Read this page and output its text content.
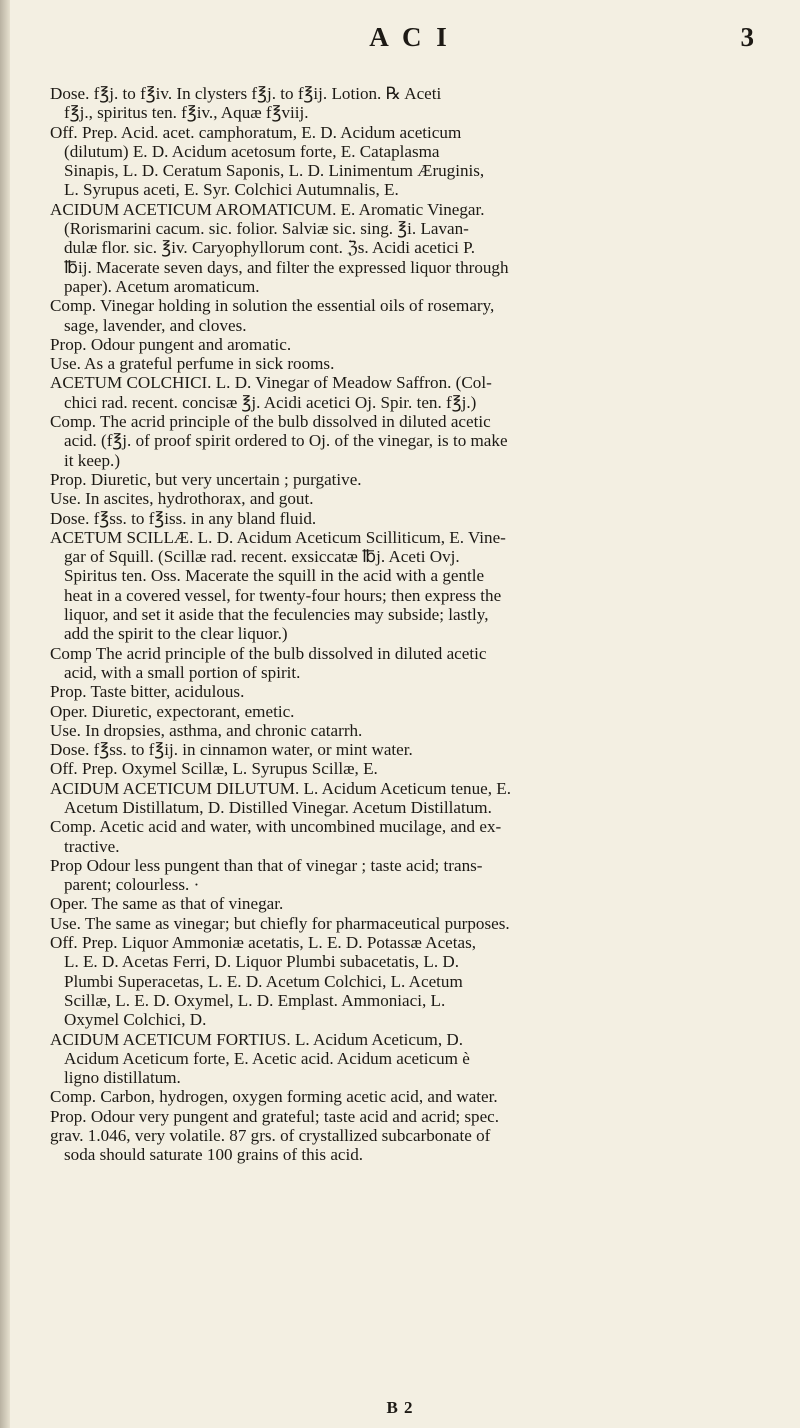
A C I	3
Dose. f℥j. to f℥iv. In clysters f℥j. to f℥ij. Lotion. ℞ Aceti
f℥j., spiritus ten. f℥iv., Aquæ f℥viij.
Off. Prep. Acid. acet. camphoratum, E. D. Acidum aceticum
(dilutum) E. D. Acidum acetosum forte, E. Cataplasma
Sinapis, L. D. Ceratum Saponis, L. D. Linimentum Æruginis,
L. Syrupus aceti, E. Syr. Colchici Autumnalis, E.
ACIDUM ACETICUM AROMATICUM. E. Aromatic Vinegar.
(Rorismarini cacum. sic. folior. Salviæ sic. sing. ℥i. Lavan-
dulæ flor. sic. ℥iv. Caryophyllorum cont. ℨs. Acidi acetici P.
℔ij. Macerate seven days, and filter the expressed liquor through
paper). Acetum aromaticum.
Comp. Vinegar holding in solution the essential oils of rosemary,
sage, lavender, and cloves.
Prop. Odour pungent and aromatic.
Use. As a grateful perfume in sick rooms.
ACETUM COLCHICI. L. D. Vinegar of Meadow Saffron. (Col-
chici rad. recent. concisæ ℥j. Acidi acetici Oj. Spir. ten. f℥j.)
Comp. The acrid principle of the bulb dissolved in diluted acetic
acid. (f℥j. of proof spirit ordered to Oj. of the vinegar, is to make
it keep.)
Prop. Diuretic, but very uncertain ; purgative.
Use. In ascites, hydrothorax, and gout.
Dose. f℥ss. to f℥iss. in any bland fluid.
ACETUM SCILLÆ. L. D. Acidum Aceticum Scilliticum, E. Vine-
gar of Squill. (Scillæ rad. recent. exsiccatæ ℔j. Aceti Ovj.
Spiritus ten. Oss. Macerate the squill in the acid with a gentle
heat in a covered vessel, for twenty-four hours; then express the
liquor, and set it aside that the feculencies may subside; lastly,
add the spirit to the clear liquor.)
Comp The acrid principle of the bulb dissolved in diluted acetic
acid, with a small portion of spirit.
Prop. Taste bitter, acidulous.
Oper. Diuretic, expectorant, emetic.
Use. In dropsies, asthma, and chronic catarrh.
Dose. f℥ss. to f℥ij. in cinnamon water, or mint water.
Off. Prep. Oxymel Scillæ, L. Syrupus Scillæ, E.
ACIDUM ACETICUM DILUTUM. L. Acidum Aceticum tenue, E.
Acetum Distillatum, D. Distilled Vinegar. Acetum Distillatum.
Comp. Acetic acid and water, with uncombined mucilage, and ex-
tractive.
Prop Odour less pungent than that of vinegar ; taste acid; trans-
parent; colourless. ·
Oper. The same as that of vinegar.
Use. The same as vinegar; but chiefly for pharmaceutical purposes.
Off. Prep. Liquor Ammoniæ acetatis, L. E. D. Potassæ Acetas,
L. E. D. Acetas Ferri, D. Liquor Plumbi subacetatis, L. D.
Plumbi Superacetas, L. E. D. Acetum Colchici, L. Acetum
Scillæ, L. E. D. Oxymel, L. D. Emplast. Ammoniaci, L.
Oxymel Colchici, D.
ACIDUM ACETICUM FORTIUS. L. Acidum Aceticum, D.
Acidum Aceticum forte, E. Acetic acid. Acidum aceticum è
ligno distillatum.
Comp. Carbon, hydrogen, oxygen forming acetic acid, and water.
Prop. Odour very pungent and grateful; taste acid and acrid; spec.
grav. 1.046, very volatile. 87 grs. of crystallized subcarbonate of
soda should saturate 100 grains of this acid.
B 2
